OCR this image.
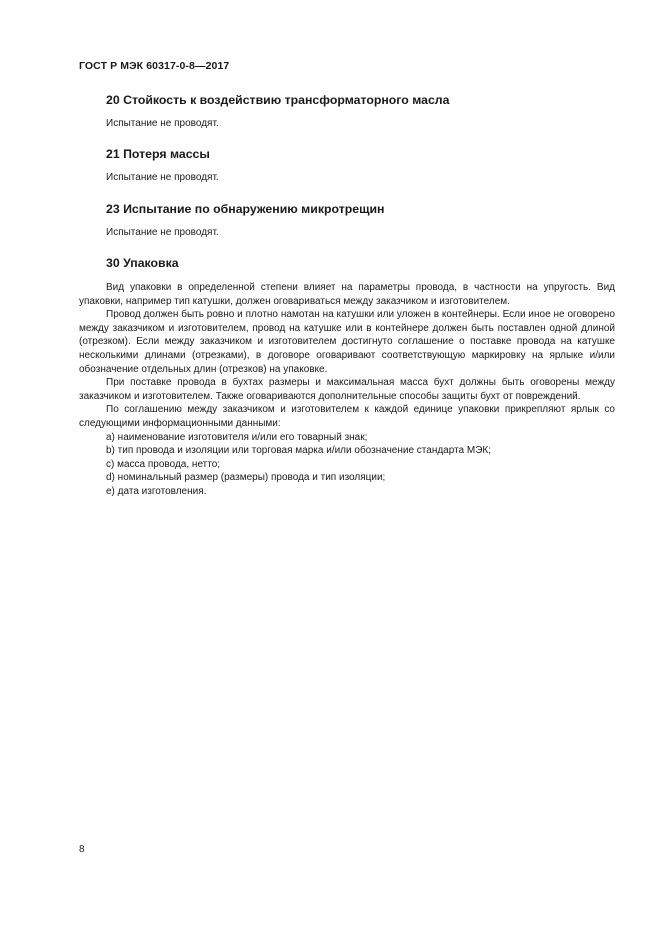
ГОСТ Р МЭК 60317-0-8—2017
20 Стойкость к воздействию трансформаторного масла
Испытание не проводят.
21 Потеря массы
Испытание не проводят.
23 Испытание по обнаружению микротрещин
Испытание не проводят.
30 Упаковка

Вид упаковки в определенной степени влияет на параметры провода, в частности на упругость. Вид упаковки, например тип катушки, должен оговариваться между заказчиком и изготовителем.

Провод должен быть ровно и плотно намотан на катушки или уложен в контейнеры. Если иное не оговорено между заказчиком и изготовителем, провод на катушке или в контейнере должен быть поставлен одной длиной (отрезком). Если между заказчиком и изготовителем достигнуто соглашение о поставке провода на катушке несколькими длинами (отрезками), в договоре оговаривают соответствующую маркировку на ярлыке и/или обозначение отдельных длин (отрезков) на упаковке.

При поставке провода в бухтах размеры и максимальная масса бухт должны быть оговорены между заказчиком и изготовителем. Также оговариваются дополнительные способы защиты бухт от повреждений.

По соглашению между заказчиком и изготовителем к каждой единице упаковки прикрепляют ярлык со следующими информационными данными:

а) наименование изготовителя и/или его товарный знак;
b) тип провода и изоляции или торговая марка и/или обозначение стандарта МЭК;
с) масса провода, нетто;
d) номинальный размер (размеры) провода и тип изоляции;
е) дата изготовления.
8
